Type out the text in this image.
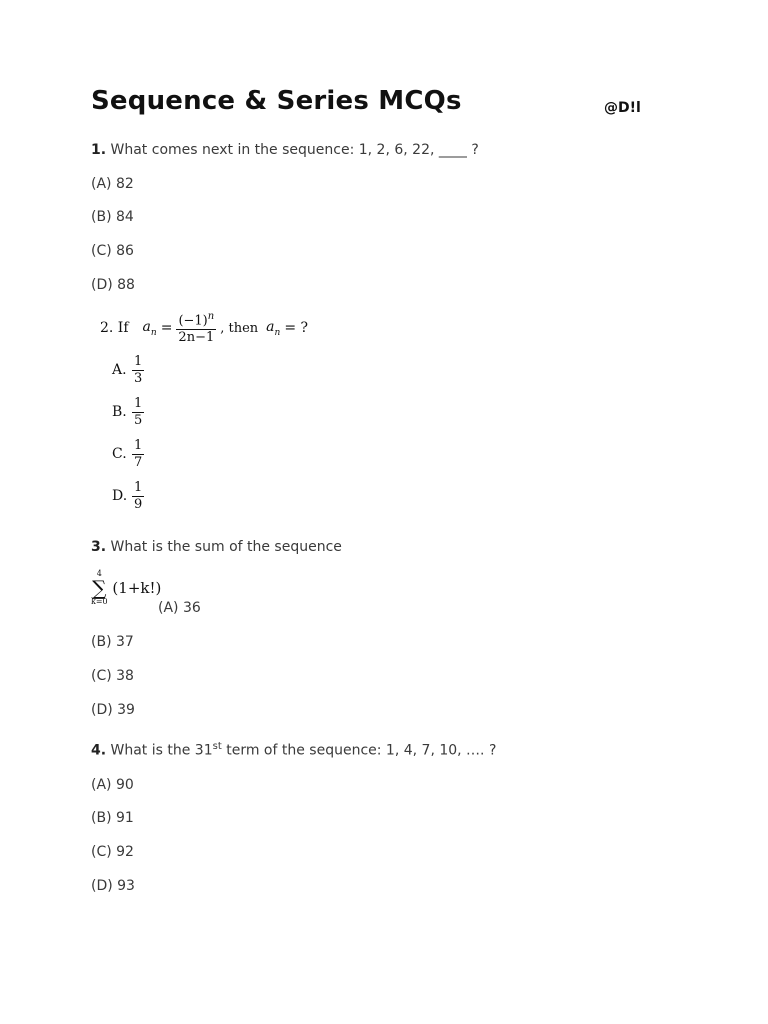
Sequence & Series MCQs	@D!l
1. What comes next in the sequence: 1, 2, 6, 22, ____ ?
(A) 82
(B) 84
(C) 86
(D) 88
2. If $a_n = \frac{(-1)^n}{2n-1}$ , then $a_n$ = ?
A. $\frac{1}{3}$
B. $\frac{1}{5}$
C. $\frac{1}{7}$
D. $\frac{1}{9}$
3. What is the sum of the sequence
4
∑
k=0
(1+k!)
(A) 36
(B) 37
(C) 38
(D) 39
4. What is the 31st term of the sequence: 1, 4, 7, 10, …. ?
(A) 90
(B) 91
(C) 92
(D) 93
